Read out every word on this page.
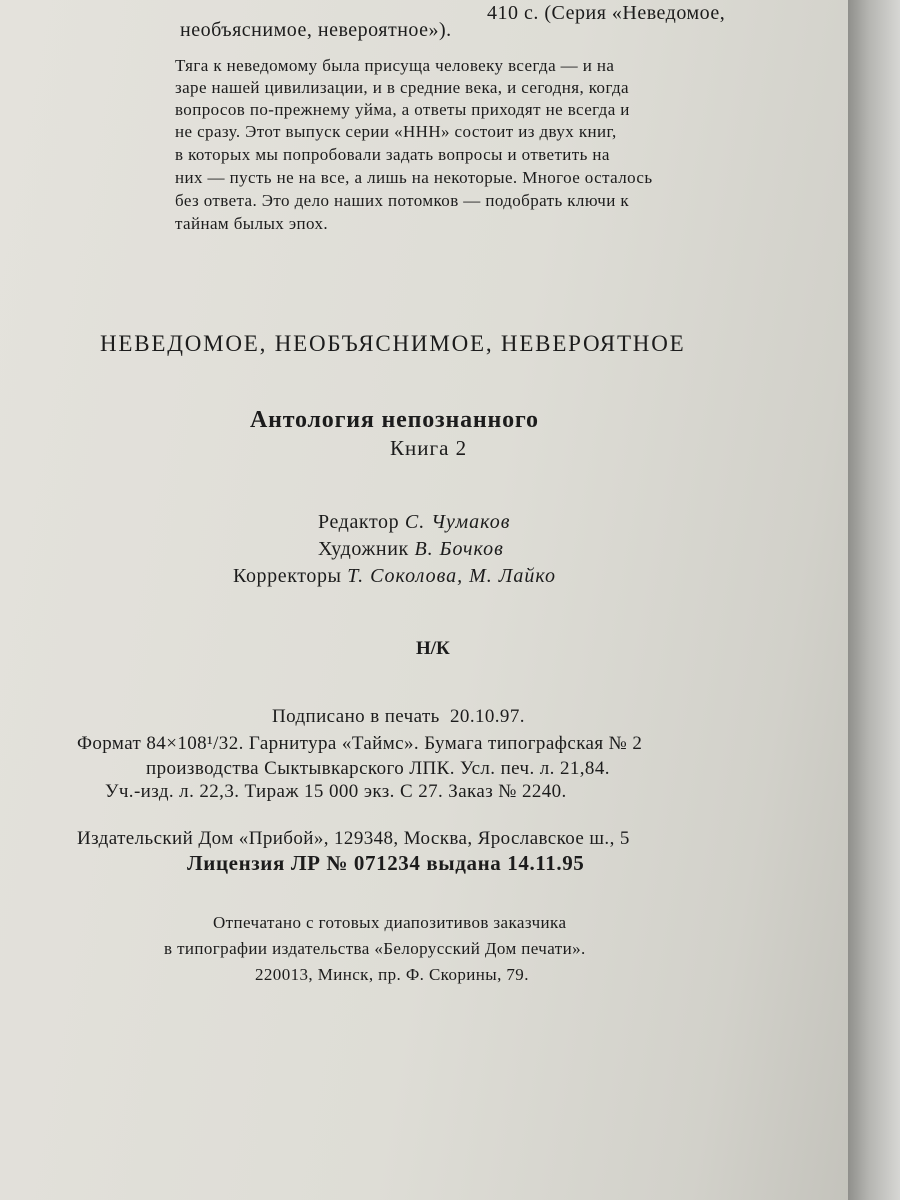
410 с. (Серия «Неведомое,
необъяснимое, невероятное»).
Тяга к неведомому была присуща человеку всегда — и на
заре нашей цивилизации, и в средние века, и сегодня, когда
вопросов по-прежнему уйма, а ответы приходят не всегда и
не сразу. Этот выпуск серии «ННН» состоит из двух книг,
в которых мы попробовали задать вопросы и ответить на
них — пусть не на все, а лишь на некоторые. Многое осталось
без ответа. Это дело наших потомков — подобрать ключи к
тайнам былых эпох.
НЕВЕДОМОЕ, НЕОБЪЯСНИМОЕ, НЕВЕРОЯТНОЕ
Антология непознанного
Книга 2
Редактор С. Чумаков
Художник В. Бочков
Корректоры Т. Соколова, М. Лайко
Н/К
Подписано в печать 20.10.97.
Формат 84×108¹/32. Гарнитура «Таймс». Бумага типографская № 2
производства Сыктывкарского ЛПК. Усл. печ. л. 21,84.
Уч.-изд. л. 22,3. Тираж 15 000 экз. С 27. Заказ № 2240.
Издательский Дом «Прибой», 129348, Москва, Ярославское ш., 5
Лицензия ЛР № 071234 выдана 14.11.95
Отпечатано с готовых диапозитивов заказчика
в типографии издательства «Белорусский Дом печати».
220013, Минск, пр. Ф. Скорины, 79.
